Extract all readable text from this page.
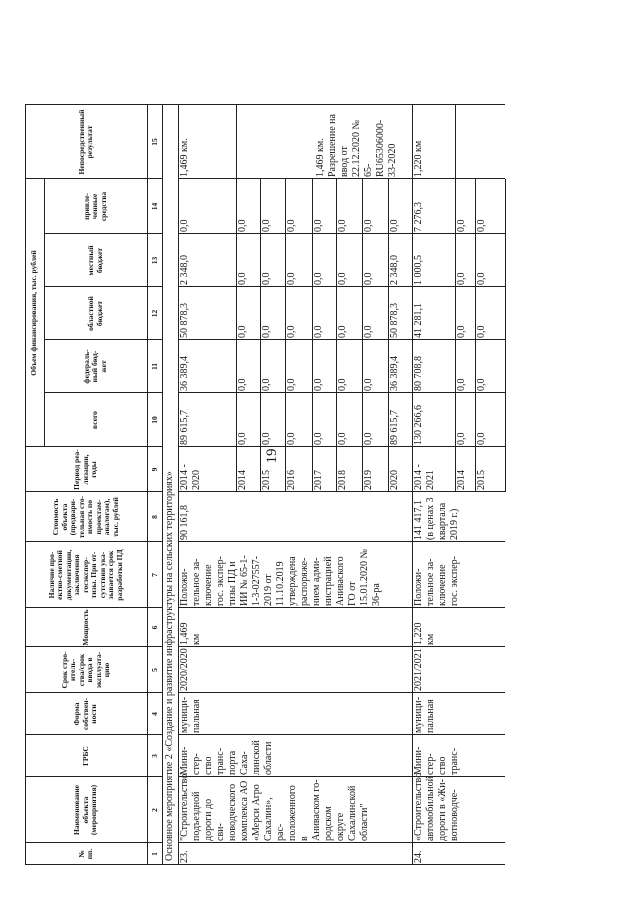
19
№
пп.
Наименование
объекта
(мероприятия)
ГРБС
Форма
собствен-
ности
Срок стро-
итель-
ства/срок
ввода в
эксплуата-
цию
Мощность
Наличие про-
ектно-сметной
документации,
заключения
госэкспер-
тизы. При от-
сутствии ука-
зывается срок
разработки ПД
Стоимость
объекта
(предвари-
тельная сто-
имость по
проектам-
аналогам),
тыс. рублей
Период реа-
лизации,
годы
Объем финансирования, тыс. рублей
всего
федераль-
ный бюд-
жет
областной
бюджет
местный
бюджет
привле-
ченные
средства
Непосредственный
результат
1
2
3
4
5
6
7
8
9
10
11
12
13
14
15
Основное мероприятие 2 «Создание и развитие инфраструктуры на сельских территориях» 23.
"Строительство
подъездной
дороги до сви-
новодческого
комплекса АО
«Мерси Агро
Сахалин», рас-
положенного в
Аниваском го-
родском округе
Сахалинской
области"
Мини-
стер-
ство
транс-
порта
Саха-
линской
области
муници-
пальная
2020/2020
1,469 км
Положи-
тельное за-
ключение
гос. экспер-
тизы ПД и
ИИ № 65-1-
1-3-027557-
2019 от
11.10.2019
утверждена
распоряже-
нием адми-
нистрацией
Аниваского
ГО от
15.01.2020 №
36-ра
90 161,8
2014 - 2020
89 615,7
36 389,4
50 878,3
2 348,0
0,0
2014
0,0
0,0
0,0
0,0
0,0
2015
0,0
0,0
0,0
0,0
0,0
2016
0,0
0,0
0,0
0,0
0,0
2017
0,0
0,0
0,0
0,0
0,0
2018
0,0
0,0
0,0
0,0
0,0
2019
0,0
0,0
0,0
0,0
0,0
2020
89 615,7
36 389,4
50 878,3
2 348,0
0,0
1,469 км.	1,469 км.
Разрешение на
ввод от
22.12.2020 №
65-RU65306000-
33-2020
24.
«Строительство
автомобильной
дороги в «Жи-
вотноводче-
Мини-
стер-
ство
транс-
муници-
пальная
2021/2021
1,220 км
Положи-
тельное за-
ключение
гос. экспер-
141 417,1
(в ценах 3
квартала
2019 г.)
2014 - 2021
130 266,6
80 708,8
41 281,1
1 000,5
7 276,3
2014
0,0
0,0
0,0
0,0
0,0
2015
0,0
0,0
0,0
0,0
0,0
1,220 км
